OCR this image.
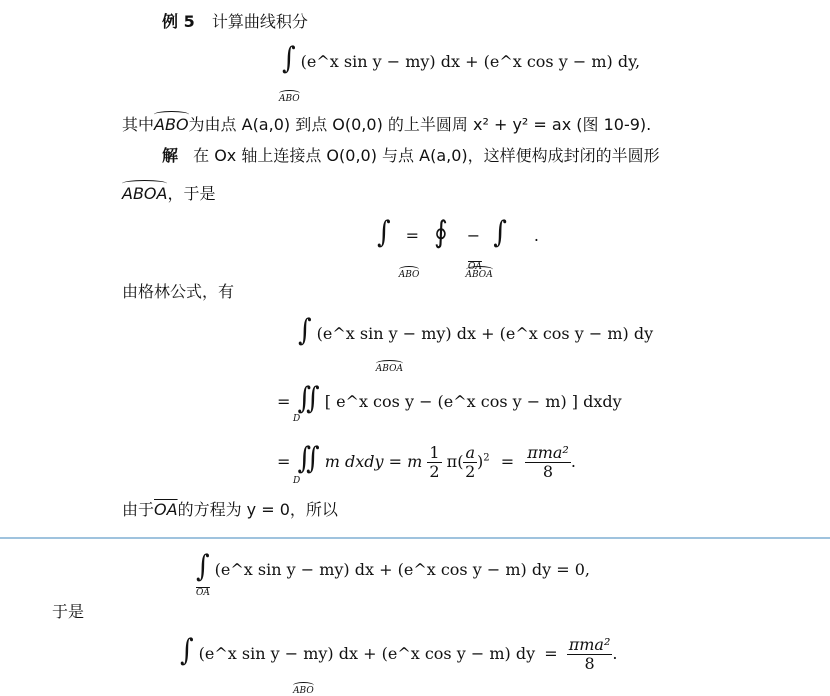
例 5 计算曲线积分
∫ (e^x sin y − my) dx + (e^x cos y − m) dy,
ABO
其中ABO为由点 A(a,0) 到点 O(0,0) 的上半圆周 x² + y² = ax (图 10-9).
解 在 Ox 轴上连接点 O(0,0) 与点 A(a,0)，这样便构成封闭的半圆形
ABOA，于是
∫ = ∮ − ∫ .
ABO	ABOA
$\overline{OA}$
由格林公式，有
∫ (e^x sin y − my) dx + (e^x cos y − m) dy
ABOA
= ∬ [ e^x cos y − (e^x cos y − m) ] dxdy
D
= ∬ m dxdy = m $\frac{1}{2} \pi( \frac{a}{2} )^2 = \frac{\text{πma²}}{8}$ .
D
由于$\overline{OA}$的方程为 y = 0，所以
∫ (e^x sin y − my) dx + (e^x cos y − m) dy = 0,
$\overline{OA}$
于是
∫ (e^x sin y − my) dx + (e^x cos y − m) dy = $\frac{\text{πma²}}{8}$ .
ABO
